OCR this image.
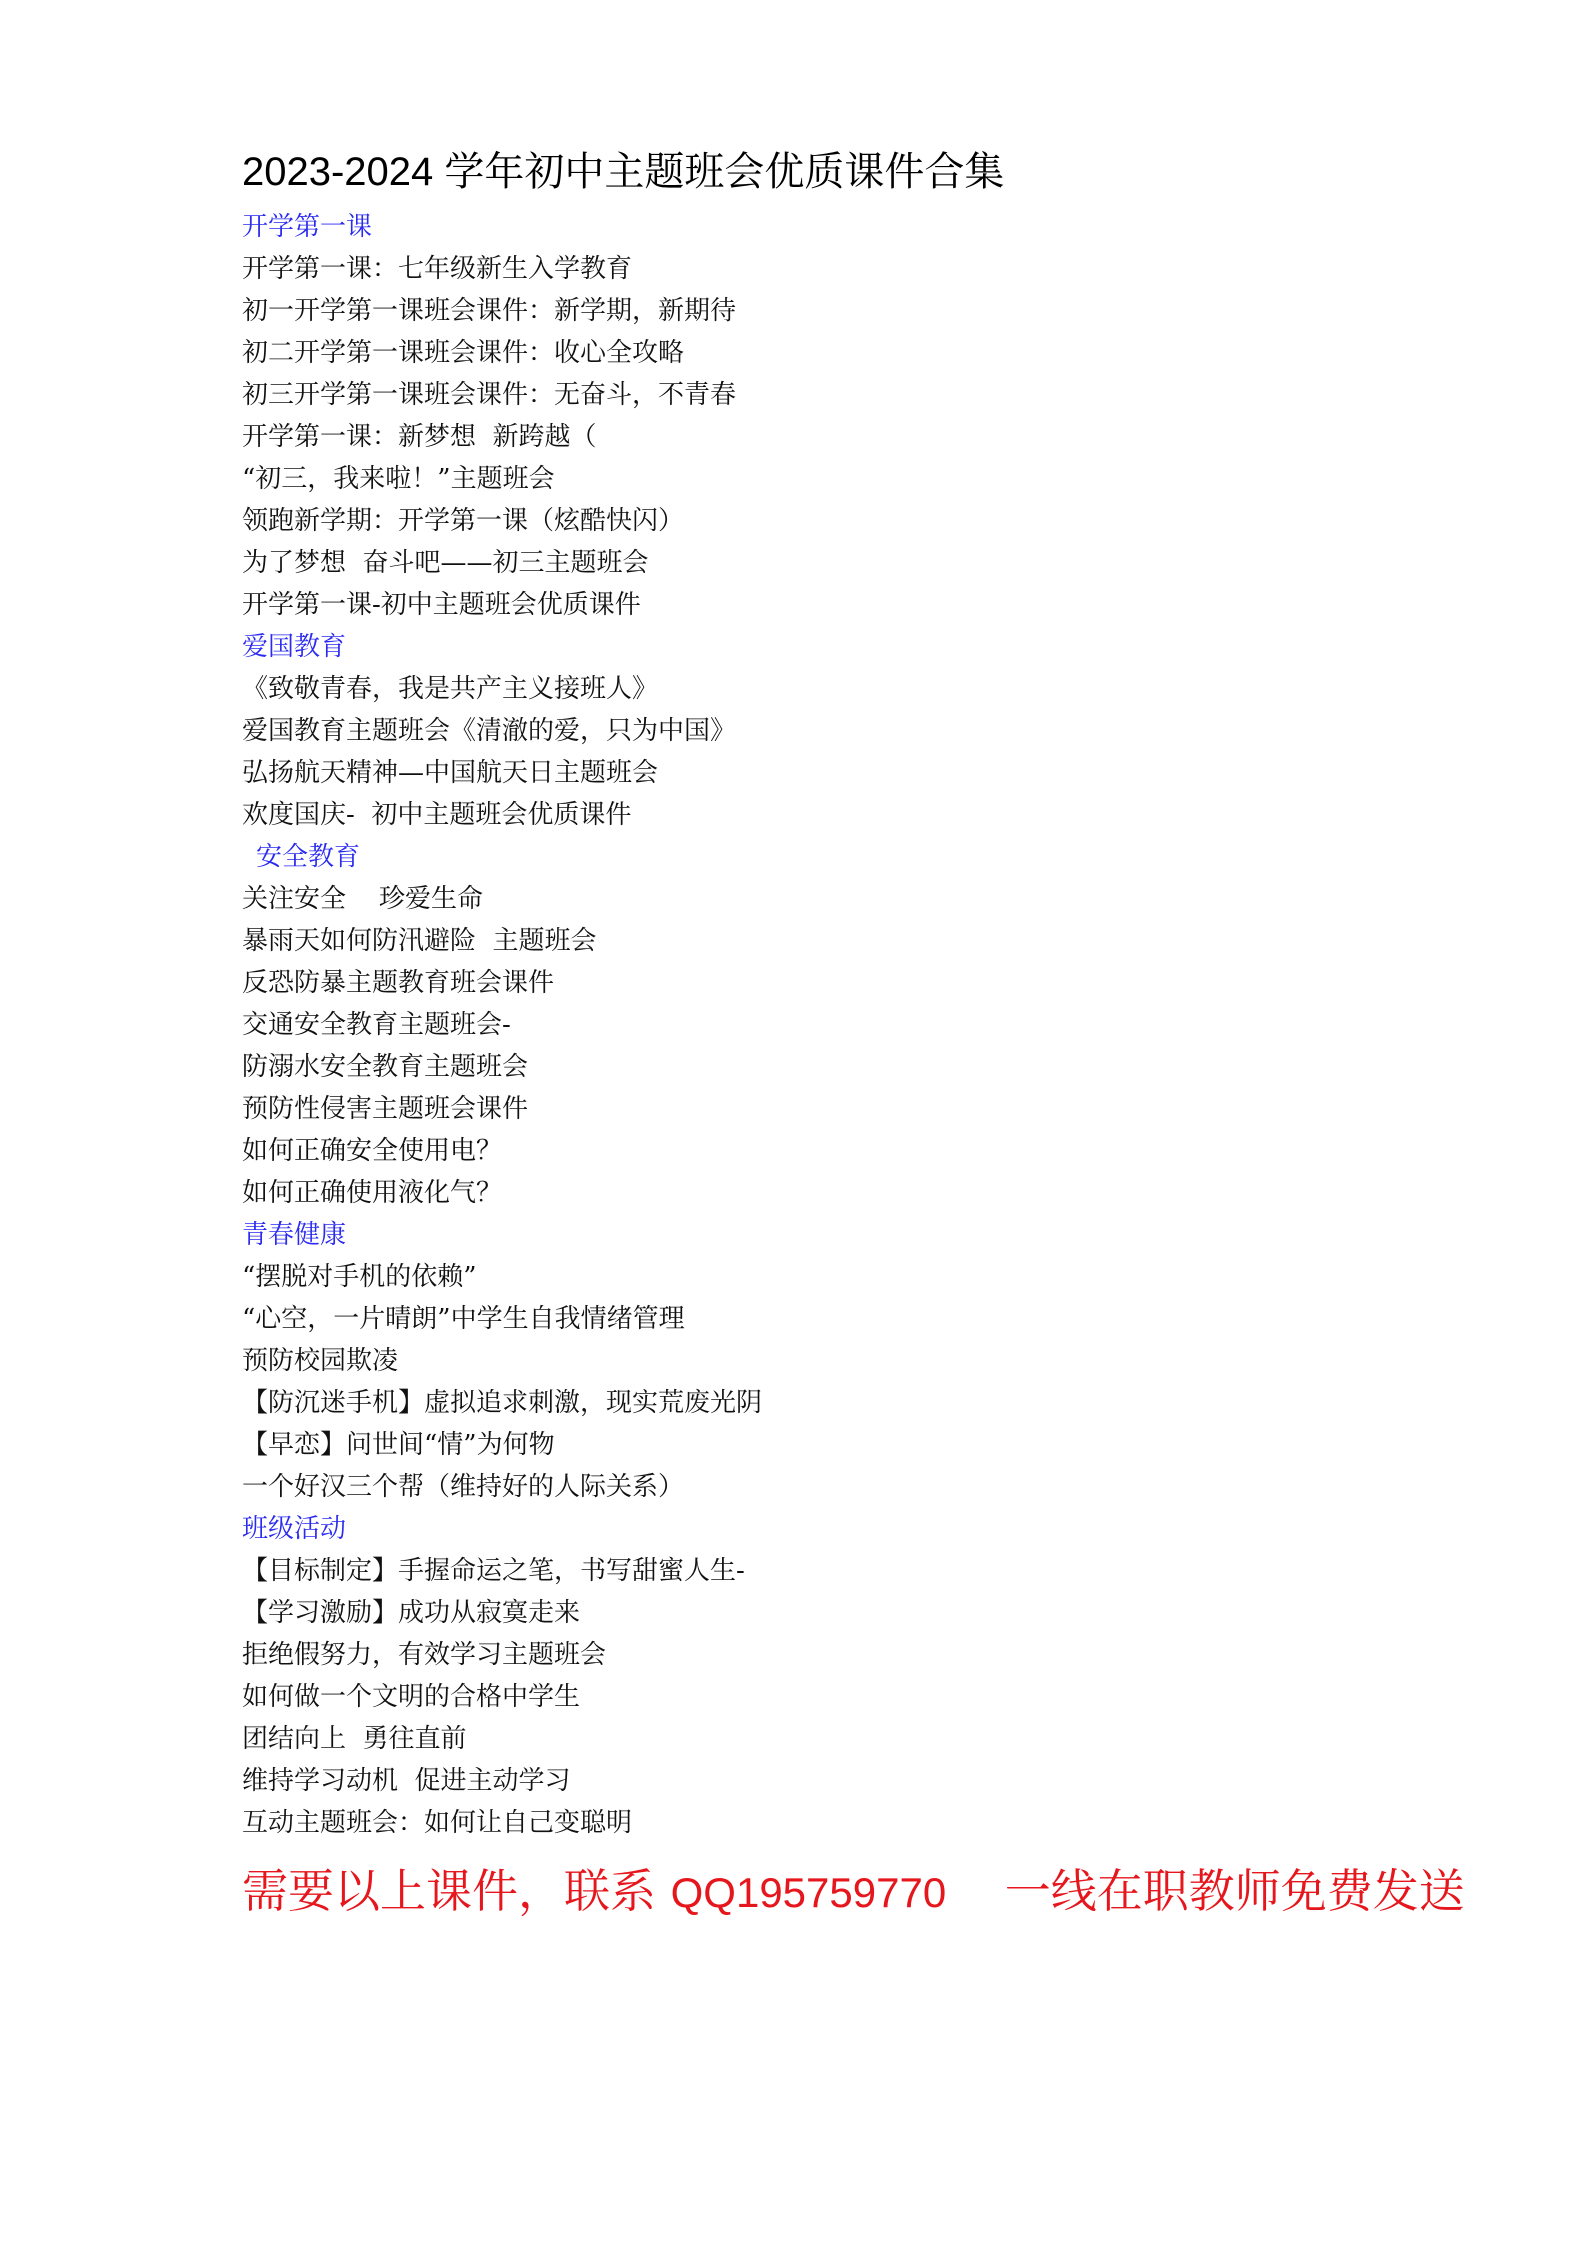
2023-2024 学年初中主题班会优质课件合集
开学第一课
开学第一课：七年级新生入学教育
初一开学第一课班会课件：新学期，新期待
初二开学第一课班会课件：收心全攻略
初三开学第一课班会课件：无奋斗，不青春
开学第一课：新梦想  新跨越（
“初三，我来啦！”主题班会
领跑新学期：开学第一课（炫酷快闪）
为了梦想  奋斗吧——初三主题班会
开学第一课-初中主题班会优质课件
爱国教育
《致敬青春，我是共产主义接班人》
爱国教育主题班会《清澈的爱，只为中国》
弘扬航天精神—中国航天日主题班会
欢度国庆-  初中主题班会优质课件
安全教育
关注安全    珍爱生命
暴雨天如何防汛避险  主题班会
反恐防暴主题教育班会课件
交通安全教育主题班会-
防溺水安全教育主题班会
预防性侵害主题班会课件
如何正确安全使用电？
如何正确使用液化气？
青春健康
“摆脱对手机的依赖”
“心空，一片晴朗”中学生自我情绪管理
预防校园欺凌
【防沉迷手机】虚拟追求刺激，现实荒废光阴
【早恋】问世间“情”为何物
一个好汉三个帮（维持好的人际关系）
班级活动
【目标制定】手握命运之笔，书写甜蜜人生-
【学习激励】成功从寂寞走来
拒绝假努力，有效学习主题班会
如何做一个文明的合格中学生
团结向上  勇往直前
维持学习动机  促进主动学习
互动主题班会：如何让自己变聪明
需要以上课件，联系 QQ195759770    一线在职教师免费发送
